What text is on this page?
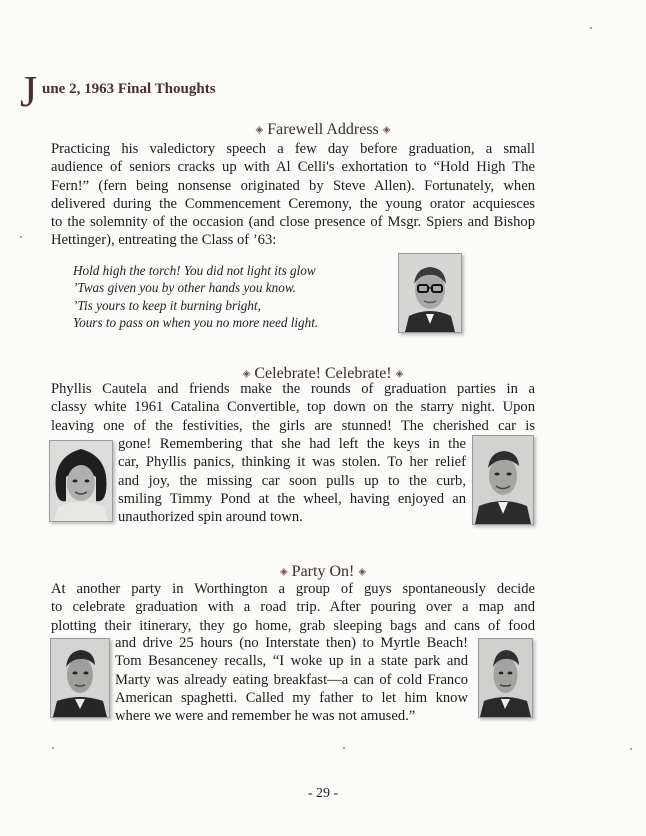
J une 2, 1963 Final Thoughts
◈ Farewell Address ◈
Practicing his valedictory speech a few day before graduation, a small
audience of seniors cracks up with Al Celli's exhortation to “Hold High The
Fern!” (fern being nonsense originated by Steve Allen). Fortunately, when
delivered during the Commencement Ceremony, the young orator acquiesces
to the solemnity of the occasion (and close presence of Msgr. Spiers and Bishop
Hettinger), entreating the Class of ’63:
Hold high the torch! You did not light its glow
’Twas given you by other hands you know.
’Tis yours to keep it burning bright,
Yours to pass on when you no more need light.
◈ Celebrate! Celebrate! ◈
Phyllis Cautela and friends make the rounds of graduation parties in a
classy white 1961 Catalina Convertible, top down on the starry night. Upon
leaving one of the festivities, the girls are stunned! The cherished car is
gone! Remembering that she had left the keys in the
car, Phyllis panics, thinking it was stolen. To her relief
and joy, the missing car soon pulls up to the curb,
smiling Timmy Pond at the wheel, having enjoyed an
unauthorized spin around town.
◈ Party On! ◈
At another party in Worthington a group of guys spontaneously decide
to celebrate graduation with a road trip. After pouring over a map and
plotting their itinerary, they go home, grab sleeping bags and cans of food
and drive 25 hours (no Interstate then) to Myrtle Beach!
Tom Besanceney recalls, “I woke up in a state park and
Marty was already eating breakfast—a can of cold Franco
American spaghetti. Called my father to let him know
where we were and remember he was not amused.”
- 29 -
